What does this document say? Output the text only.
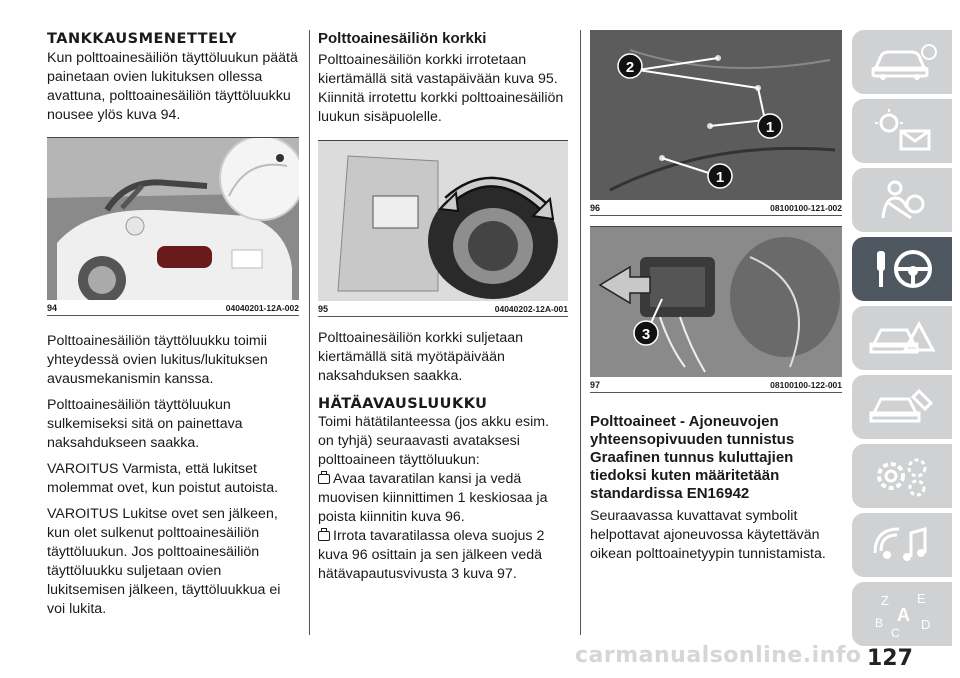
TANKKAUSMENETTELY

Kun polttoainesäiliön täyttöluukun päätä painetaan ovien lukituksen ollessa avattuna, polttoainesäiliön täyttöluukku nousee ylös kuva 94.

94	04040201-12A-002

Polttoainesäiliön täyttöluukku toimii yhteydessä ovien lukitus/lukituksen avausmekanismin kanssa.

Polttoainesäiliön täyttöluukun sulkemiseksi sitä on painettava naksahdukseen saakka.

VAROITUS Varmista, että lukitset molemmat ovet, kun poistut autoista.

VAROITUS Lukitse ovet sen jälkeen, kun olet sulkenut polttoainesäiliön täyttöluukun. Jos polttoainesäiliön täyttöluukku suljetaan ovien lukitsemisen jälkeen, täyttöluukkua ei voi lukita.

Polttoainesäiliön korkki

Polttoainesäiliön korkki irrotetaan kiertämällä sitä vastapäivään kuva 95. Kiinnitä irrotettu korkki polttoainesäiliön luukun sisäpuolelle.

95	04040202-12A-001

Polttoainesäiliön korkki suljetaan kiertämällä sitä myötäpäivään naksahduksen saakka.

HÄTÄAVAUSLUUKKU

Toimi hätätilanteessa (jos akku esim. on tyhjä) seuraavasti avataksesi polttoaineen täyttöluukun:

Avaa tavaratilan kansi ja vedä muovisen kiinnittimen 1 keskiosaa ja poista kiinnitin kuva 96.

Irrota tavaratilassa oleva suojus 2 kuva 96 osittain ja sen jälkeen vedä hätävapautusvivusta 3 kuva 97.

2
1
1
96	08100100-121-002
3
97	08100100-122-001
Polttoaineet - Ajoneuvojen yhteensopivuuden tunnistus Graafinen tunnus kuluttajien tiedoksi kuten määritetään standardissa EN16942

Seuraavassa kuvattavat symbolit helpottavat ajoneuvossa käytettävän oikean polttoainetyypin tunnistamista.

Z E
A
B
C
D
carmanualsonline.info 127
